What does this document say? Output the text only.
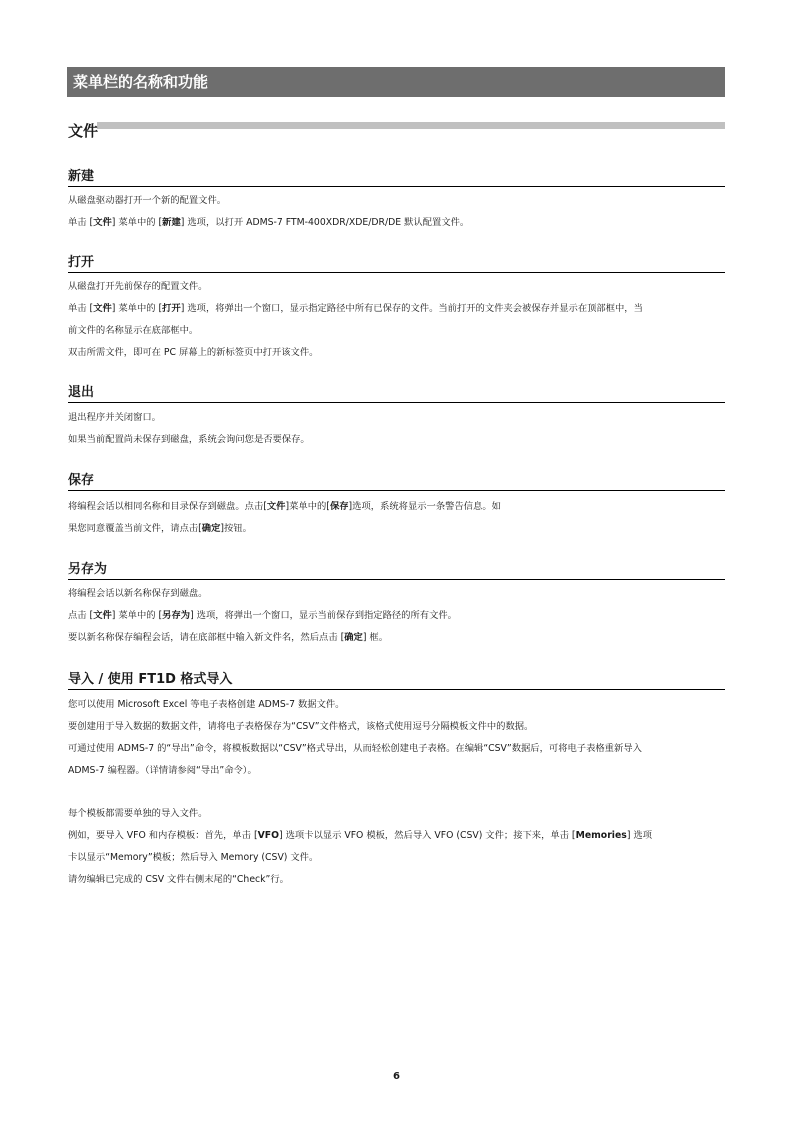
菜单栏的名称和功能
文件
新建

从磁盘驱动器打开一个新的配置文件。

单击 [文件] 菜单中的 [新建] 选项，以打开 ADMS-7 FTM-400XDR/XDE/DR/DE 默认配置文件。

打开

从磁盘打开先前保存的配置文件。

单击 [文件] 菜单中的 [打开] 选项，将弹出一个窗口，显示指定路径中所有已保存的文件。当前打开的文件夹会被保存并显示在顶部框中，当

前文件的名称显示在底部框中。

双击所需文件，即可在 PC 屏幕上的新标签页中打开该文件。

退出

退出程序并关闭窗口。

如果当前配置尚未保存到磁盘，系统会询问您是否要保存。

保存

将编程会话以相同名称和目录保存到磁盘。点击[文件]菜单中的[保存]选项，系统将显示一条警告信息。如

果您同意覆盖当前文件，请点击[确定]按钮。

另存为

将编程会话以新名称保存到磁盘。

点击 [文件] 菜单中的 [另存为] 选项，将弹出一个窗口，显示当前保存到指定路径的所有文件。

要以新名称保存编程会话，请在底部框中输入新文件名，然后点击 [确定] 框。

导入 / 使用 FT1D 格式导入

您可以使用 Microsoft Excel 等电子表格创建 ADMS-7 数据文件。

要创建用于导入数据的数据文件，请将电子表格保存为“CSV”文件格式，该格式使用逗号分隔模板文件中的数据。

可通过使用 ADMS-7 的“导出”命令，将模板数据以“CSV”格式导出，从而轻松创建电子表格。在编辑“CSV”数据后，可将电子表格重新导入

ADMS-7 编程器。（详情请参阅“导出”命令）。

每个模板都需要单独的导入文件。

例如，要导入 VFO 和内存模板：首先，单击 [VFO] 选项卡以显示 VFO 模板，然后导入 VFO (CSV) 文件；接下来，单击 [Memories] 选项

卡以显示“Memory”模板；然后导入 Memory (CSV) 文件。

请勿编辑已完成的 CSV 文件右侧末尾的“Check”行。

6
